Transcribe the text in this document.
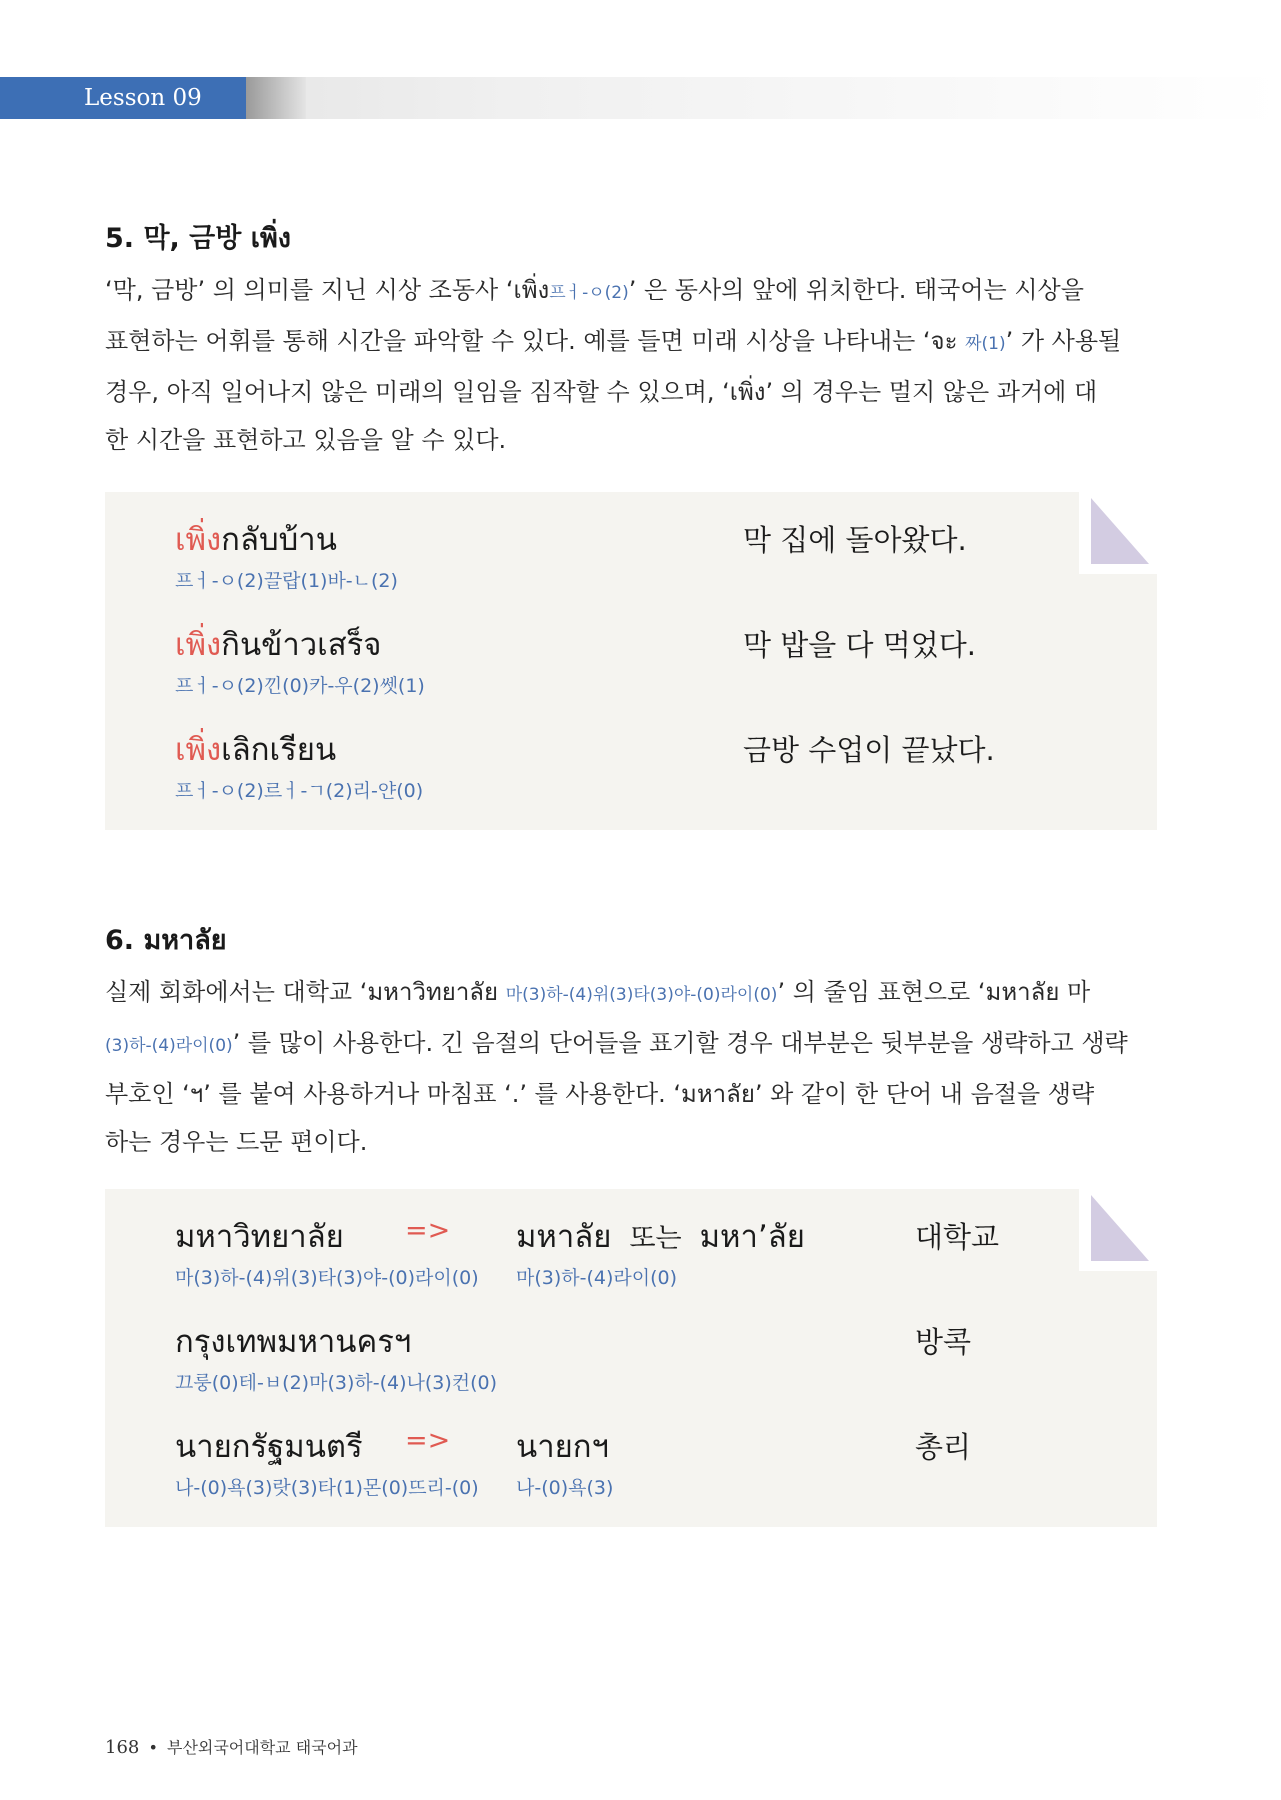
Lesson 09
5. 막, 금방 เพิ่ง

‘막, 금방’ 의 의미를 지닌 시상 조동사 ‘เพิ่ง프ㅓ-ㅇ(2)’ 은 동사의 앞에 위치한다. 태국어는 시상을

표현하는 어휘를 통해 시간을 파악할 수 있다. 예를 들면 미래 시상을 나타내는 ‘จะ 짜(1)’ 가 사용될

경우, 아직 일어나지 않은 미래의 일임을 짐작할 수 있으며, ‘เพิ่ง’ 의 경우는 멀지 않은 과거에 대

한 시간을 표현하고 있음을 알 수 있다.

เพิ่งกลับบ้าน
프ㅓ-ㅇ(2)끌랍(1)바-ㄴ(2)
막 집에 돌아왔다.
เพิ่งกินข้าวเสร็จ
프ㅓ-ㅇ(2)낀(0)카-우(2)쎗(1)
막 밥을 다 먹었다.
เพิ่งเลิกเรียน
프ㅓ-ㅇ(2)르ㅓ-ㄱ(2)리-얀(0)
금방 수업이 끝났다.
6. มหาลัย

실제 회화에서는 대학교 ‘มหาวิทยาลัย 마(3)하-(4)위(3)타(3)야-(0)라이(0)’ 의 줄임 표현으로 ‘มหาลัย 마

(3)하-(4)라이(0)’ 를 많이 사용한다. 긴 음절의 단어들을 표기할 경우 대부분은 뒷부분을 생략하고 생략

부호인 ‘ฯ’ 를 붙여 사용하거나 마침표 ‘.’ 를 사용한다. ‘มหาลัย’ 와 같이 한 단어 내 음절을 생략

하는 경우는 드문 편이다.

มหาวิทยาลัย
마(3)하-(4)위(3)타(3)야-(0)라이(0)
=> มหาลัย 또는 มหา’ลัย
마(3)하-(4)라이(0)
대학교
กรุงเทพมหานครฯ
끄룽(0)테-ㅂ(2)마(3)하-(4)나(3)컨(0)
방콕
นายกรัฐมนตรี
나-(0)욕(3)랏(3)타(1)몬(0)뜨리-(0)
=> นายกฯ
나-(0)욕(3)
총리
168 • 부산외국어대학교 태국어과
